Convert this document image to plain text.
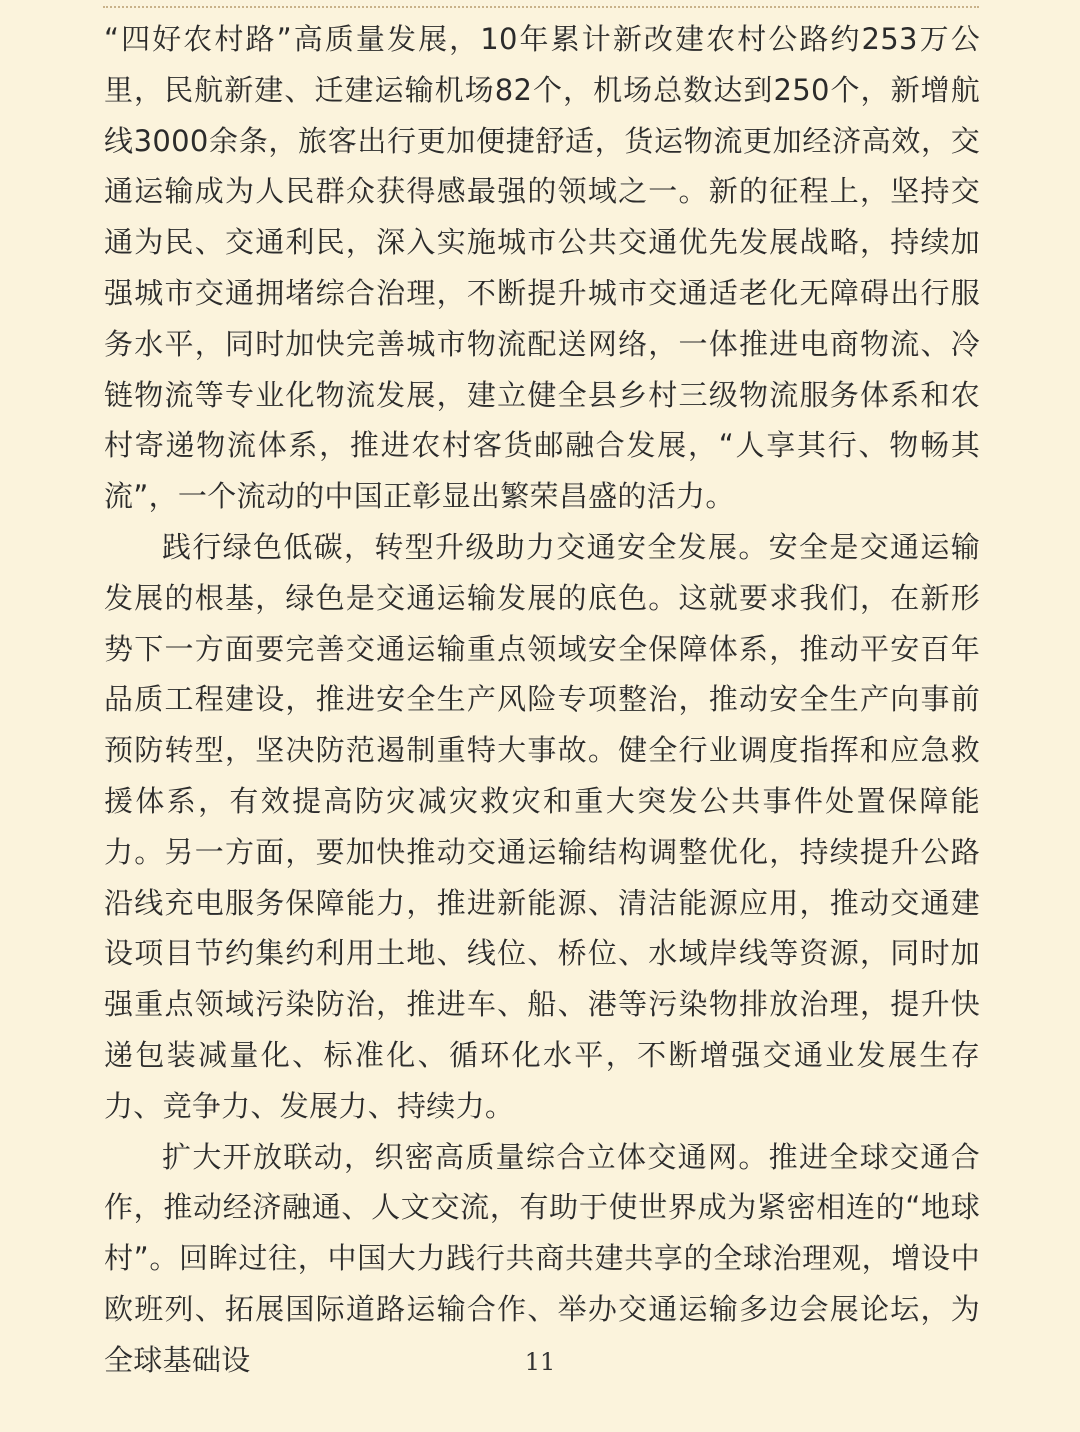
“四好农村路”高质量发展，10年累计新改建农村公路约253万公里，民航新建、迁建运输机场82个，机场总数达到250个，新增航线3000余条，旅客出行更加便捷舒适，货运物流更加经济高效，交通运输成为人民群众获得感最强的领域之一。新的征程上，坚持交通为民、交通利民，深入实施城市公共交通优先发展战略，持续加强城市交通拥堵综合治理，不断提升城市交通适老化无障碍出行服务水平，同时加快完善城市物流配送网络，一体推进电商物流、冷链物流等专业化物流发展，建立健全县乡村三级物流服务体系和农村寄递物流体系，推进农村客货邮融合发展，“人享其行、物畅其流”，一个流动的中国正彰显出繁荣昌盛的活力。

践行绿色低碳，转型升级助力交通安全发展。安全是交通运输发展的根基，绿色是交通运输发展的底色。这就要求我们，在新形势下一方面要完善交通运输重点领域安全保障体系，推动平安百年品质工程建设，推进安全生产风险专项整治，推动安全生产向事前预防转型，坚决防范遏制重特大事故。健全行业调度指挥和应急救援体系，有效提高防灾减灾救灾和重大突发公共事件处置保障能力。另一方面，要加快推动交通运输结构调整优化，持续提升公路沿线充电服务保障能力，推进新能源、清洁能源应用，推动交通建设项目节约集约利用土地、线位、桥位、水域岸线等资源，同时加强重点领域污染防治，推进车、船、港等污染物排放治理，提升快递包装减量化、标准化、循环化水平，不断增强交通业发展生存力、竞争力、发展力、持续力。

扩大开放联动，织密高质量综合立体交通网。推进全球交通合作，推动经济融通、人文交流，有助于使世界成为紧密相连的“地球村”。回眸过往，中国大力践行共商共建共享的全球治理观，增设中欧班列、拓展国际道路运输合作、举办交通运输多边会展论坛，为全球基础设	11
